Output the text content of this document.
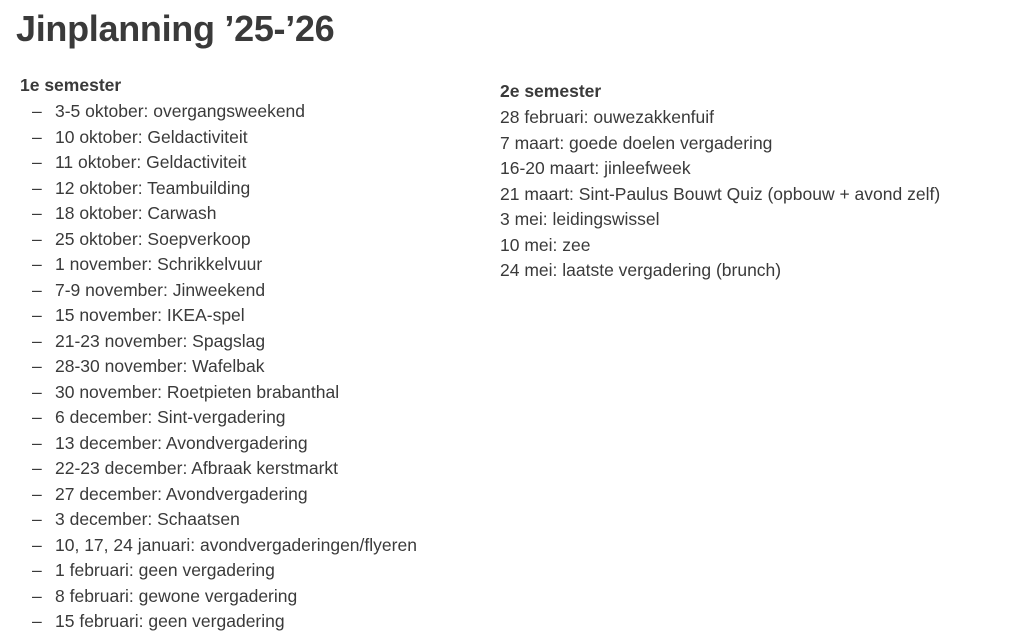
Jinplanning ’25-’26
1e semester
– 3-5 oktober: overgangsweekend
– 10 oktober: Geldactiviteit
– 11 oktober: Geldactiviteit
– 12 oktober: Teambuilding
– 18 oktober: Carwash
– 25 oktober: Soepverkoop
– 1 november: Schrikkelvuur
– 7-9 november: Jinweekend
– 15 november: IKEA-spel
– 21-23 november: Spagslag
– 28-30 november: Wafelbak
– 30 november: Roetpieten brabanthal
– 6 december: Sint-vergadering
– 13 december: Avondvergadering
– 22-23 december: Afbraak kerstmarkt
– 27 december: Avondvergadering
– 3 december: Schaatsen
– 10, 17, 24 januari: avondvergaderingen/flyeren
– 1 februari: geen vergadering
– 8 februari: gewone vergadering
– 15 februari: geen vergadering
2e semester
28 februari: ouwezakkenfuif
7 maart: goede doelen vergadering
16-20 maart: jinleefweek
21 maart: Sint-Paulus Bouwt Quiz (opbouw + avond zelf)
3 mei: leidingswissel
10 mei: zee
24 mei: laatste vergadering (brunch)
